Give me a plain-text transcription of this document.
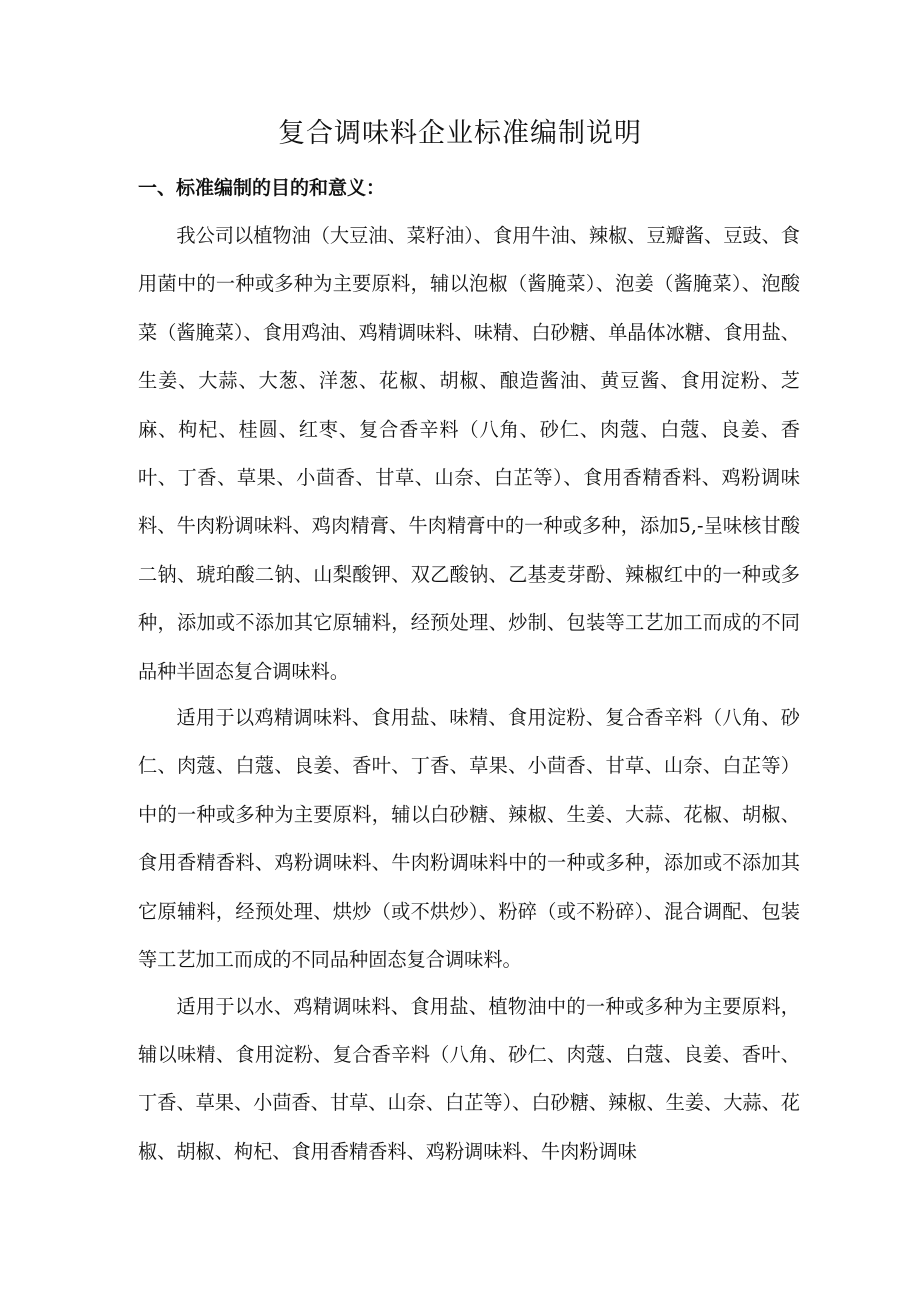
复合调味料企业标准编制说明
一、标准编制的目的和意义：

我公司以植物油（大豆油、菜籽油）、食用牛油、辣椒、豆瓣酱、豆豉、食用菌中的一种或多种为主要原料，辅以泡椒（酱腌菜）、泡姜（酱腌菜）、泡酸菜（酱腌菜）、食用鸡油、鸡精调味料、味精、白砂糖、单晶体冰糖、食用盐、生姜、大蒜、大葱、洋葱、花椒、胡椒、酿造酱油、黄豆酱、食用淀粉、芝麻、枸杞、桂圆、红枣、复合香辛料（八角、砂仁、肉蔻、白蔻、良姜、香叶、丁香、草果、小茴香、甘草、山奈、白芷等）、食用香精香料、鸡粉调味料、牛肉粉调味料、鸡肉精膏、牛肉精膏中的一种或多种，添加5,-呈味核甘酸二钠、琥珀酸二钠、山梨酸钾、双乙酸钠、乙基麦芽酚、辣椒红中的一种或多种，添加或不添加其它原辅料，经预处理、炒制、包装等工艺加工而成的不同品种半固态复合调味料。

适用于以鸡精调味料、食用盐、味精、食用淀粉、复合香辛料（八角、砂仁、肉蔻、白蔻、良姜、香叶、丁香、草果、小茴香、甘草、山奈、白芷等）中的一种或多种为主要原料，辅以白砂糖、辣椒、生姜、大蒜、花椒、胡椒、食用香精香料、鸡粉调味料、牛肉粉调味料中的一种或多种，添加或不添加其它原辅料，经预处理、烘炒（或不烘炒）、粉碎（或不粉碎）、混合调配、包装等工艺加工而成的不同品种固态复合调味料。

适用于以水、鸡精调味料、食用盐、植物油中的一种或多种为主要原料，辅以味精、食用淀粉、复合香辛料（八角、砂仁、肉蔻、白蔻、良姜、香叶、丁香、草果、小茴香、甘草、山奈、白芷等）、白砂糖、辣椒、生姜、大蒜、花椒、胡椒、枸杞、食用香精香料、鸡粉调味料、牛肉粉调味
